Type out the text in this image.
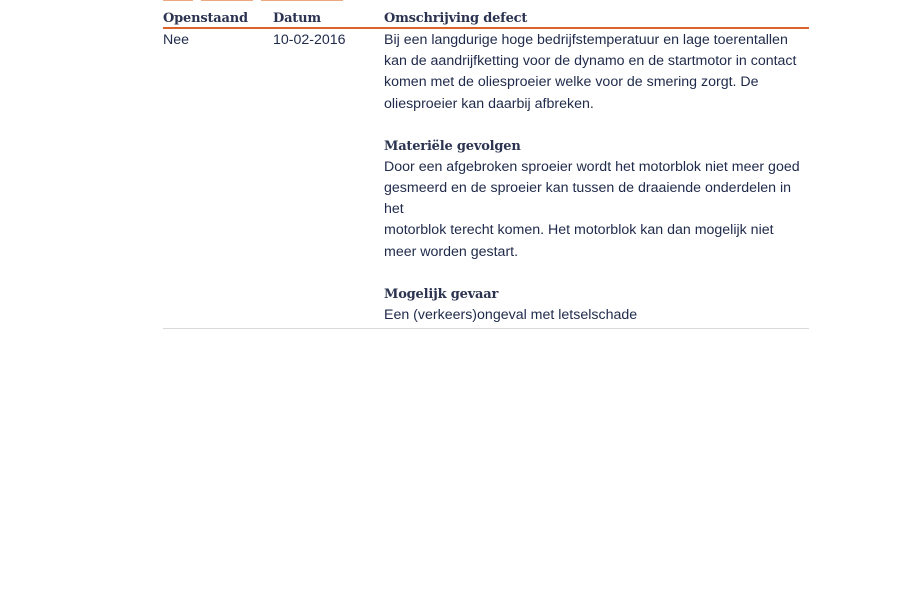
Openstaand	Datum	Omschrijving defect
Nee	10-02-2016	Bij een langdurige hoge bedrijfstemperatuur en lage toerentallen
kan de aandrijfketting voor de dynamo en de startmotor in contact
komen met de oliesproeier welke voor de smering zorgt. De
oliesproeier kan daarbij afbreken.

Materiële gevolgen

Door een afgebroken sproeier wordt het motorblok niet meer goed
gesmeerd en de sproeier kan tussen de draaiende onderdelen in het
motorblok terecht komen. Het motorblok kan dan mogelijk niet
meer worden gestart.

Mogelijk gevaar

Een (verkeers)ongeval met letselschade
